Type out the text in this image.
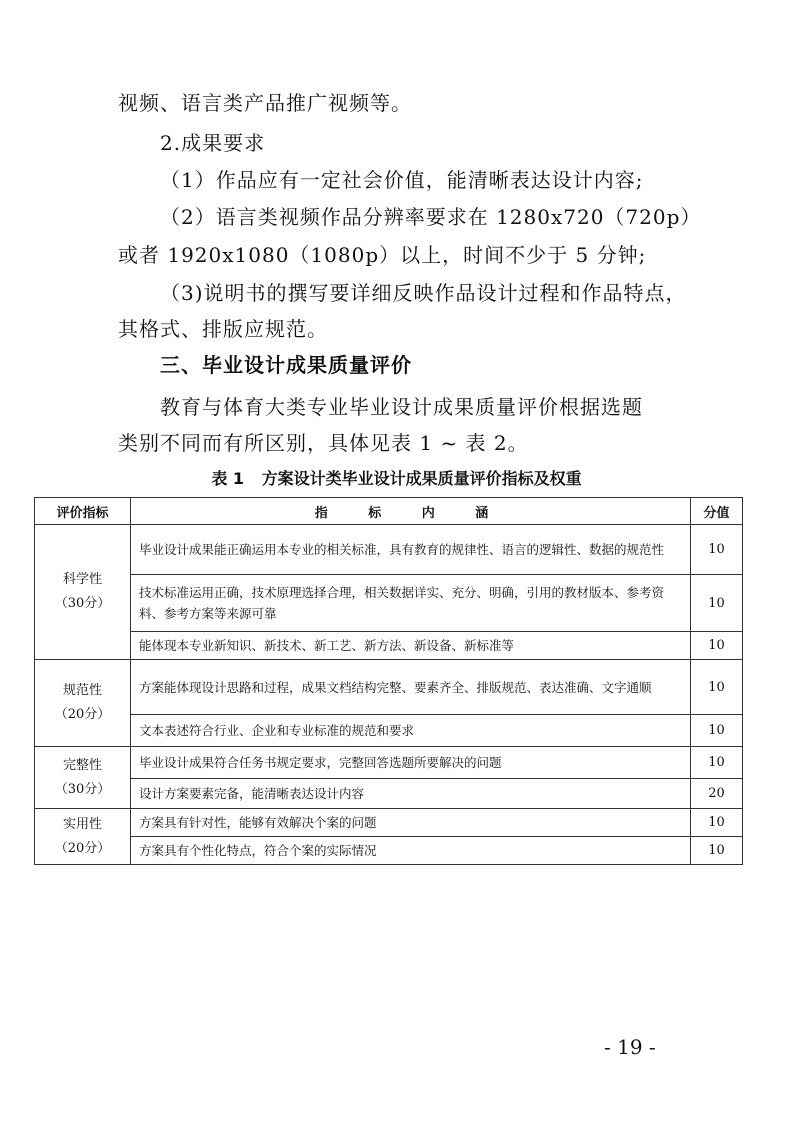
视频、语言类产品推广视频等。
2.成果要求
（1）作品应有一定社会价值，能清晰表达设计内容;
（2）语言类视频作品分辨率要求在 1280x720（720p）
或者 1920x1080（1080p）以上，时间不少于 5 分钟;
（3)说明书的撰写要详细反映作品设计过程和作品特点，
其格式、排版应规范。
三、毕业设计成果质量评价
教育与体育大类专业毕业设计成果质量评价根据选题
类别不同而有所区别，具体见表 1 ~ 表 2。
表 1 方案设计类毕业设计成果质量评价指标及权重
评价指标	指 标 内 涵	分值

科学性
（30分）	毕业设计成果能正确运用本专业的相关标准，具有教育的规律性、语言的逻辑性、数据的规范性	10
	技术标准运用正确，技术原理选择合理，相关数据详实、充分、明确，引用的教材版本、参考资料、参考方案等来源可靠	10
	能体现本专业新知识、新技术、新工艺、新方法、新设备、新标准等	10

规范性
（20分）	方案能体现设计思路和过程，成果文档结构完整、要素齐全、排版规范、表达准确、文字通顺	10
	文本表述符合行业、企业和专业标准的规范和要求	10

完整性
（30分）	毕业设计成果符合任务书规定要求，完整回答选题所要解决的问题	10
	设计方案要素完备，能清晰表达设计内容	20

实用性
（20分）	方案具有针对性，能够有效解决个案的问题	10
	方案具有个性化特点，符合个案的实际情况	10
- 19 -
